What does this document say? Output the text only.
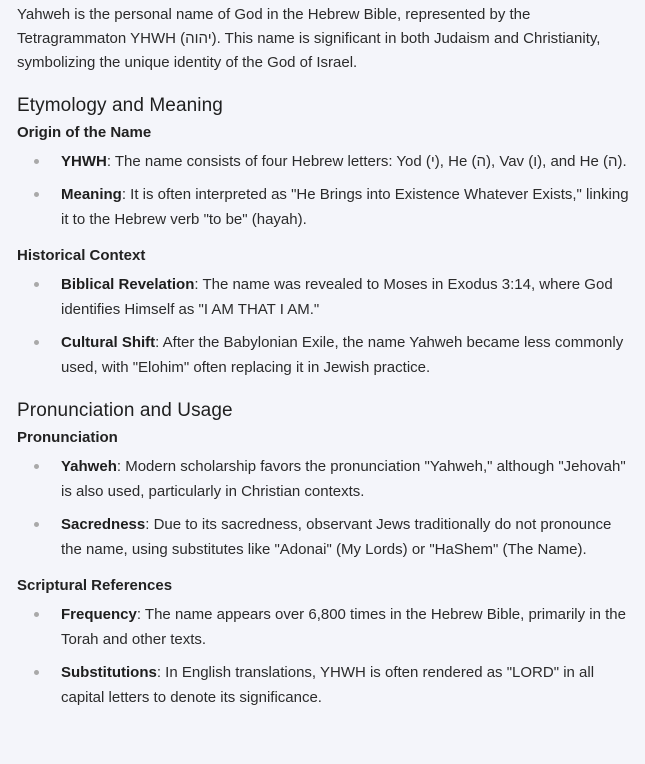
Yahweh is the personal name of God in the Hebrew Bible, represented by the Tetragrammaton YHWH (יהוה). This name is significant in both Judaism and Christianity, symbolizing the unique identity of the God of Israel.

Etymology and Meaning
Origin of the Name
YHWH: The name consists of four Hebrew letters: Yod (י), He (ה), Vav (ו), and He (ה).
Meaning: It is often interpreted as "He Brings into Existence Whatever Exists," linking it to the Hebrew verb "to be" (hayah).
Historical Context
Biblical Revelation: The name was revealed to Moses in Exodus 3:14, where God identifies Himself as "I AM THAT I AM."
Cultural Shift: After the Babylonian Exile, the name Yahweh became less commonly used, with "Elohim" often replacing it in Jewish practice.
Pronunciation and Usage
Pronunciation
Yahweh: Modern scholarship favors the pronunciation "Yahweh," although "Jehovah" is also used, particularly in Christian contexts.
Sacredness: Due to its sacredness, observant Jews traditionally do not pronounce the name, using substitutes like "Adonai" (My Lords) or "HaShem" (The Name).
Scriptural References
Frequency: The name appears over 6,800 times in the Hebrew Bible, primarily in the Torah and other texts.
Substitutions: In English translations, YHWH is often rendered as "LORD" in all capital letters to denote its significance.
